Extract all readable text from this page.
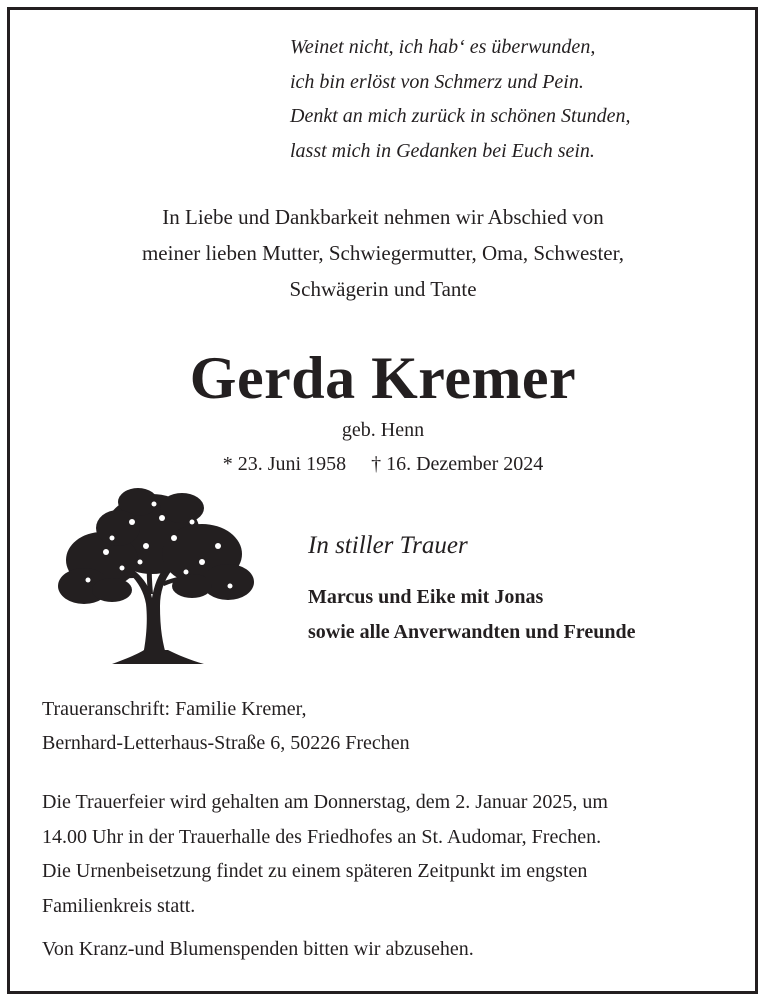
Weinet nicht, ich hab‘ es überwunden,
ich bin erlöst von Schmerz und Pein.
Denkt an mich zurück in schönen Stunden,
lasst mich in Gedanken bei Euch sein.
In Liebe und Dankbarkeit nehmen wir Abschied von
meiner lieben Mutter, Schwiegermutter, Oma, Schwester,
Schwägerin und Tante
Gerda Kremer
geb. Henn
* 23. Juni 1958 † 16. Dezember 2024
In stiller Trauer
Marcus und Eike mit Jonas
sowie alle Anverwandten und Freunde
Traueranschrift: Familie Kremer,
Bernhard-Letterhaus-Straße 6, 50226 Frechen
Die Trauerfeier wird gehalten am Donnerstag, dem 2. Januar 2025, um
14.00 Uhr in der Trauerhalle des Friedhofes an St. Audomar, Frechen.
Die Urnenbeisetzung findet zu einem späteren Zeitpunkt im engsten
Familienkreis statt.
Von Kranz-und Blumenspenden bitten wir abzusehen.
